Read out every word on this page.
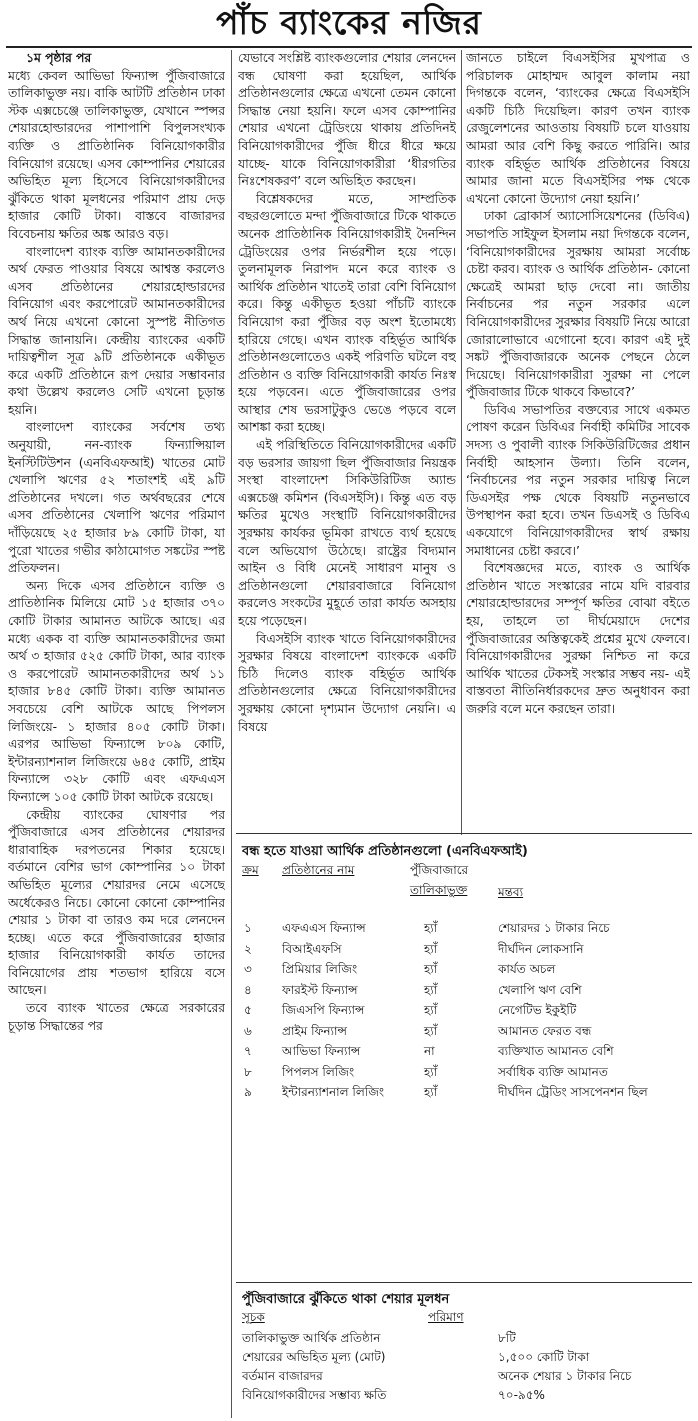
পাঁচ ব্যাংকের নজির

১ম পৃষ্ঠার পর

মধ্যে কেবল আভিভা ফিন্যান্স পুঁজিবাজারে তালিকাভুক্ত নয়। বাকি আটটি প্রতিষ্ঠান ঢাকা স্টক এক্সচেঞ্জে তালিকাভুক্ত, যেখানে স্পন্সর শেয়ারহোল্ডারদের পাশাপাশি বিপুলসংখ্যক ব্যক্তি ও প্রাতিষ্ঠানিক বিনিয়োগকারীর বিনিয়োগ রয়েছে। এসব কোম্পানির শেয়ারের অভিহিত মূল্য হিসেবে বিনিয়োগকারীদের ঝুঁকিতে থাকা মূলধনের পরিমাণ প্রায় দেড় হাজার কোটি টাকা। বাস্তবে বাজারদর বিবেচনায় ক্ষতির অঙ্ক আরও বড়।

বাংলাদেশ ব্যাংক ব্যক্তি আমানতকারীদের অর্থ ফেরত পাওয়ার বিষয়ে আশ্বস্ত করলেও এসব প্রতিষ্ঠানের শেয়ারহোল্ডারদের বিনিয়োগ এবং করপোরেট আমানতকারীদের অর্থ নিয়ে এখনো কোনো সুস্পষ্ট নীতিগত সিদ্ধান্ত জানায়নি। কেন্দ্রীয় ব্যাংকের একটি দায়িত্বশীল সূত্র ৯টি প্রতিষ্ঠানকে একীভূত করে একটি প্রতিষ্ঠানে রূপ দেয়ার সম্ভাবনার কথা উল্লেখ করলেও সেটি এখনো চূড়ান্ত হয়নি।

বাংলাদেশ ব্যাংকের সর্বশেষ তথ্য অনুযায়ী, নন-ব্যাংক ফিন্যান্সিয়াল ইনস্টিটিউশন (এনবিএফআই) খাতের মোট খেলাপি ঋণের ৫২ শতাংশই এই ৯টি প্রতিষ্ঠানের দখলে। গত অর্থবছরের শেষে এসব প্রতিষ্ঠানের খেলাপি ঋণের পরিমাণ দাঁড়িয়েছে ২৫ হাজার ৮৯ কোটি টাকা, যা পুরো খাতের গভীর কাঠামোগত সঙ্কটের স্পষ্ট প্রতিফলন।

অন্য দিকে এসব প্রতিষ্ঠানে ব্যক্তি ও প্রাতিষ্ঠানিক মিলিয়ে মোট ১৫ হাজার ৩৭০ কোটি টাকার আমানত আটকে আছে। এর মধ্যে একক বা ব্যক্তি আমানতকারীদের জমা অর্থ ৩ হাজার ৫২৫ কোটি টাকা, আর ব্যাংক ও করপোরেট আমানতকারীদের অর্থ ১১ হাজার ৮৪৫ কোটি টাকা। ব্যক্তি আমানত সবচেয়ে বেশি আটকে আছে পিপলস লিজিংয়ে- ১ হাজার ৪০৫ কোটি টাকা। এরপর আভিভা ফিন্যান্সে ৮০৯ কোটি, ইন্টারন্যাশনাল লিজিংয়ে ৬৪৫ কোটি, প্রাইম ফিন্যান্সে ৩২৮ কোটি এবং এফএএস ফিন্যান্সে ১০৫ কোটি টাকা আটকে রয়েছে।

কেন্দ্রীয় ব্যাংকের ঘোষণার পর পুঁজিবাজারে এসব প্রতিষ্ঠানের শেয়ারদর ধারাবাহিক দরপতনের শিকার হয়েছে। বর্তমানে বেশির ভাগ কোম্পানির ১০ টাকা অভিহিত মূল্যের শেয়ারদর নেমে এসেছে অর্ধেকেরও নিচে। কোনো কোনো কোম্পানির শেয়ার ১ টাকা বা তারও কম দরে লেনদেন হচ্ছে। এতে করে পুঁজিবাজারের হাজার হাজার বিনিয়োগকারী কার্যত তাদের বিনিয়োগের প্রায় শতভাগ হারিয়ে বসে আছেন।

তবে ব্যাংক খাতের ক্ষেত্রে সরকারের চূড়ান্ত সিদ্ধান্তের পর

যেভাবে সংশ্লিষ্ট ব্যাংকগুলোর শেয়ার লেনদেন বন্ধ ঘোষণা করা হয়েছিল, আর্থিক প্রতিষ্ঠানগুলোর ক্ষেত্রে এখনো তেমন কোনো সিদ্ধান্ত নেয়া হয়নি। ফলে এসব কোম্পানির শেয়ার এখনো ট্রেডিংয়ে থাকায় প্রতিদিনই বিনিয়োগকারীদের পুঁজি ধীরে ধীরে ক্ষয়ে যাচ্ছে- যাকে বিনিয়োগকারীরা ‘ধীরগতির নিঃশেষকরণ’ বলে অভিহিত করছেন।

বিশ্লেষকদের মতে, সাম্প্রতিক বছরগুলোতে মন্দা পুঁজিবাজারে টিকে থাকতে অনেক প্রাতিষ্ঠানিক বিনিয়োগকারীই দৈনন্দিন ট্রেডিংয়ের ওপর নির্ভরশীল হয়ে পড়ে। তুলনামূলক নিরাপদ মনে করে ব্যাংক ও আর্থিক প্রতিষ্ঠান খাতেই তারা বেশি বিনিয়োগ করে। কিন্তু একীভূত হওয়া পাঁচটি ব্যাংকে বিনিয়োগ করা পুঁজির বড় অংশ ইতোমধ্যে হারিয়ে গেছে। এখন ব্যাংক বহির্ভূত আর্থিক প্রতিষ্ঠানগুলোতেও একই পরিণতি ঘটলে বহু প্রতিষ্ঠান ও ব্যক্তি বিনিয়োগকারী কার্যত নিঃস্ব হয়ে পড়বেন। এতে পুঁজিবাজারের ওপর আস্থার শেষ ভরসাটুকুও ভেঙে পড়বে বলে আশঙ্কা করা হচ্ছে।

এই পরিস্থিতিতে বিনিয়োগকারীদের একটি বড় ভরসার জায়গা ছিল পুঁজিবাজার নিয়ন্ত্রক সংস্থা বাংলাদেশ সিকিউরিটিজ অ্যান্ড এক্সচেঞ্জ কমিশন (বিএসইসি)। কিন্তু এত বড় ক্ষতির মুখেও সংস্থাটি বিনিয়োগকারীদের সুরক্ষায় কার্যকর ভূমিকা রাখতে ব্যর্থ হয়েছে বলে অভিযোগ উঠেছে। রাষ্ট্রের বিদ্যমান আইন ও বিধি মেনেই সাধারণ মানুষ ও প্রতিষ্ঠানগুলো শেয়ারবাজারে বিনিয়োগ করলেও সংকটের মুহূর্তে তারা কার্যত অসহায় হয়ে পড়েছেন।

বিএসইসি ব্যাংক খাতে বিনিয়োগকারীদের সুরক্ষার বিষয়ে বাংলাদেশ ব্যাংককে একটি চিঠি দিলেও ব্যাংক বহির্ভূত আর্থিক প্রতিষ্ঠানগুলোর ক্ষেত্রে বিনিয়োগকারীদের সুরক্ষায় কোনো দৃশ্যমান উদ্যোগ নেয়নি। এ বিষয়ে

জানতে চাইলে বিএসইসির মুখপাত্র ও পরিচালক মোহাম্মদ আবুল কালাম নয়া দিগন্তকে বলেন, ‘ব্যাংকের ক্ষেত্রে বিএসইসি একটি চিঠি দিয়েছিল। কারণ তখন ব্যাংক রেজুলেশনের আওতায় বিষয়টি চলে যাওয়ায় আমরা আর বেশি কিছু করতে পারিনি। আর ব্যাংক বহির্ভূত আর্থিক প্রতিষ্ঠানের বিষয়ে আমার জানা মতে বিএসইসির পক্ষ থেকে এখনো কোনো উদ্যোগ নেয়া হয়নি।’

ঢাকা ব্রোকার্স অ্যাসোসিয়েশনের (ডিবিএ) সভাপতি সাইফুল ইসলাম নয়া দিগন্তকে বলেন, ‘বিনিয়োগকারীদের সুরক্ষায় আমরা সর্বোচ্চ চেষ্টা করব। ব্যাংক ও আর্থিক প্রতিষ্ঠান- কোনো ক্ষেত্রেই আমরা ছাড় দেবো না। জাতীয় নির্বাচনের পর নতুন সরকার এলে বিনিয়োগকারীদের সুরক্ষার বিষয়টি নিয়ে আরো জোরালোভাবে এগোনো হবে। কারণ এই দুই সঙ্কট পুঁজিবাজারকে অনেক পেছনে ঠেলে দিয়েছে। বিনিয়োগকারীরা সুরক্ষা না পেলে পুঁজিবাজার টিকে থাকবে কিভাবে?’

ডিবিএ সভাপতির বক্তব্যের সাথে একমত পোষণ করেন ডিবিএর নির্বাহী কমিটির সাবেক সদস্য ও পুবালী ব্যাংক সিকিউরিটিজের প্রধান নির্বাহী আহসান উল্যা। তিনি বলেন, ‘নির্বাচনের পর নতুন সরকার দায়িত্ব নিলে ডিএসইর পক্ষ থেকে বিষয়টি নতুনভাবে উপস্থাপন করা হবে। তখন ডিএসই ও ডিবিএ একযোগে বিনিয়োগকারীদের স্বার্থ রক্ষায় সমাধানের চেষ্টা করবে।’

বিশেষজ্ঞদের মতে, ব্যাংক ও আর্থিক প্রতিষ্ঠান খাতে সংস্কারের নামে যদি বারবার শেয়ারহোল্ডারদের সম্পূর্ণ ক্ষতির বোঝা বইতে হয়, তাহলে তা দীর্ঘমেয়াদে দেশের পুঁজিবাজারের অস্তিত্বকেই প্রশ্নের মুখে ফেলবে। বিনিয়োগকারীদের সুরক্ষা নিশ্চিত না করে আর্থিক খাতের টেকসই সংস্কার সম্ভব নয়- এই বাস্তবতা নীতিনির্ধারকদের দ্রুত অনুধাবন করা জরুরি বলে মনে করছেন তারা।

বন্ধ হতে যাওয়া আর্থিক প্রতিষ্ঠানগুলো (এনবিএফআই)
ক্রম প্রতিষ্ঠানের নাম	পুঁজিবাজারে
তালিকাভুক্ত	মন্তব্য
১	এফএএস ফিন্যান্স	হ্যাঁ	শেয়ারদর ১ টাকার নিচে
২	বিআইএফসি	হ্যাঁ	দীর্ঘদিন লোকসানি
৩	প্রিমিয়ার লিজিং	হ্যাঁ	কার্যত অচল
৪	ফারইস্ট ফিন্যান্স	হ্যাঁ	খেলাপি ঋণ বেশি
৫	জিএসপি ফিন্যান্স	হ্যাঁ	নেগেটিভ ইকুইটি
৬	প্রাইম ফিন্যান্স	হ্যাঁ	আমানত ফেরত বন্ধ
৭	আভিভা ফিন্যান্স	না	ব্যক্তিখাত আমানত বেশি
৮	পিপলস লিজিং	হ্যাঁ	সর্বাধিক ব্যক্তি আমানত
৯	ইন্টারন্যাশনাল লিজিং	হ্যাঁ	দীর্ঘদিন ট্রেডিং সাসপেনশন ছিল
পুঁজিবাজারে ঝুঁকিতে থাকা শেয়ার মূলধন
সূচক	পরিমাণ
তালিকাভুক্ত আর্থিক প্রতিষ্ঠান	৮টি
শেয়ারের অভিহিত মূল্য (মোট)	১,৫০০ কোটি টাকা
বর্তমান বাজারদর	অনেক শেয়ার ১ টাকার নিচে
বিনিয়োগকারীদের সম্ভাব্য ক্ষতি	৭০-৯৫%
